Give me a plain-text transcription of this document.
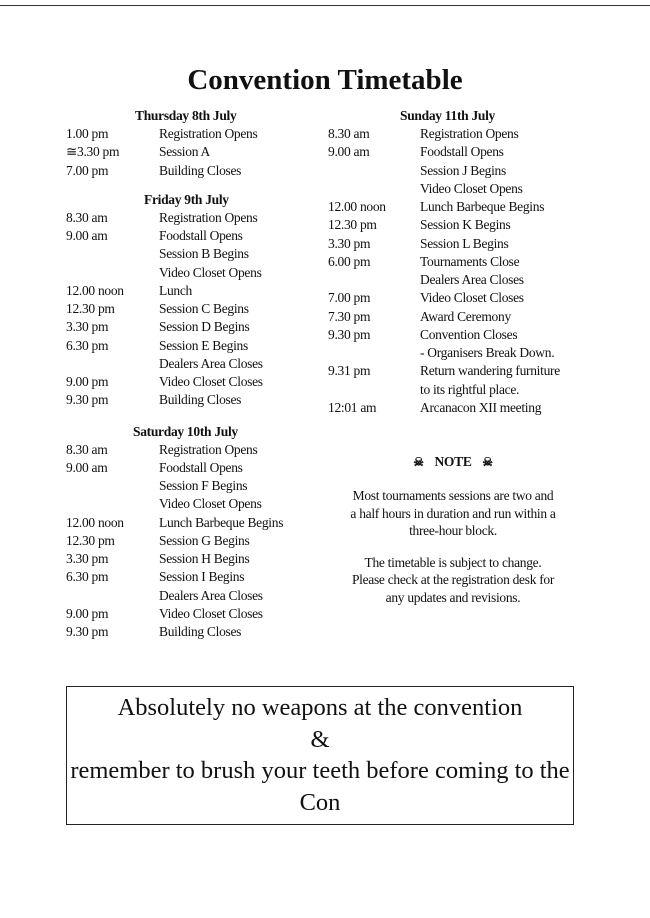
Convention Timetable
Thursday 8th July
1.00 pm	Registration Opens
≅3.30 pm	Session A
7.00 pm	Building Closes
Friday 9th July
8.30 am	Registration Opens
9.00 am	Foodstall Opens
Session B Begins
Video Closet Opens
12.00 noon	Lunch
12.30 pm	Session C Begins
3.30 pm	Session D Begins
6.30 pm	Session E Begins
Dealers Area Closes
9.00 pm	Video Closet Closes
9.30 pm	Building Closes
Saturday 10th July
8.30 am	Registration Opens
9.00 am	Foodstall Opens
Session F Begins
Video Closet Opens
12.00 noon	Lunch Barbeque Begins
12.30 pm	Session G Begins
3.30 pm	Session H Begins
6.30 pm	Session I Begins
Dealers Area Closes
9.00 pm	Video Closet Closes
9.30 pm	Building Closes
Sunday 11th July
8.30 am	Registration Opens
9.00 am	Foodstall Opens
Session J Begins
Video Closet Opens
12.00 noon	Lunch Barbeque Begins
12.30 pm	Session K Begins
3.30 pm	Session L Begins
6.00 pm	Tournaments Close
Dealers Area Closes
7.00 pm	Video Closet Closes
7.30 pm	Award Ceremony
9.30 pm	Convention Closes
- Organisers Break Down.
9.31 pm	Return wandering furniture
to its rightful place.
12:01 am	Arcanacon XII meeting
☠ NOTE ☠

Most tournaments sessions are two and a half hours in duration and run within a three-hour block.

The timetable is subject to change. Please check at the registration desk for any updates and revisions.

Absolutely no weapons at the convention
&
remember to brush your teeth before coming to the Con
